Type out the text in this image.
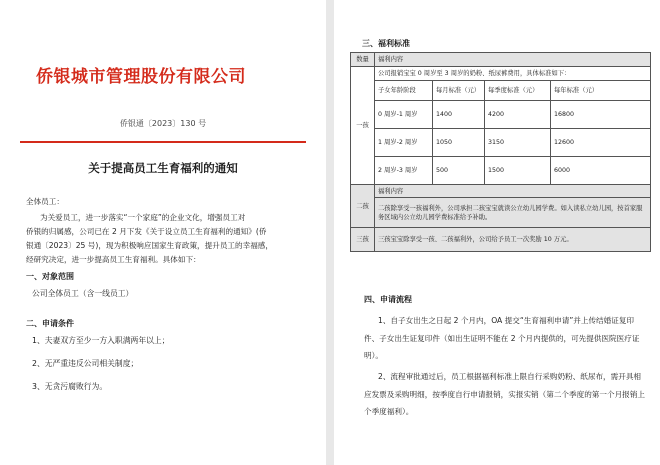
侨银城市管理股份有限公司
侨银通〔2023〕130 号
关于提高员工生育福利的通知
全体员工：
为关爱员工，进一步落实“一个家庭”的企业文化，增强员工对
侨银的归属感，公司已在 2 月下发《关于设立员工生育福利的通知》(侨
银通〔2023〕25 号)，现为积极响应国家生育政策，提升员工的幸福感，
经研究决定，进一步提高员工生育福利。具体如下：
一、对象范围
公司全体员工（含一线员工）
二、申请条件
1、夫妻双方至少一方入职满两年以上；
2、无严重违反公司相关制度；
3、无贪污腐败行为。
三、福利标准
数量	福利内容			
一孩	公司报销宝宝 0 周岁至 3 周岁的奶粉、纸尿裤费用，具体标准如下：			
	子女年龄阶段	每月标准（元）	每季度标准（元）	每年标准（元）
	0 周岁-1 周岁	1400	4200	16800
	1 周岁-2 周岁	1050	3150	12600
	2 周岁-3 周岁	500	1500	6000
二孩	福利内容			
	二孩除享受一孩福利外，公司承担二孩宝宝就读公立幼儿园学费。如入读私立幼儿园，按首家服务区域内公立幼儿园学费标准给予补助。			
三孩	三孩宝宝除享受一孩、二孩福利外，公司给予员工一次奖励 10 万元。			
四、申请流程
1、自子女出生之日起 2 个月内，OA 提交“生育福利申请”并上传结婚证复印件、子女出生证复印件（如出生证明不能在 2 个月内提供的，可先提供医院医疗证明）。
2、流程审批通过后，员工根据福利标准上限自行采购奶粉、纸尿布，需开具相应发票及采购明细，按季度自行申请报销，实报实销（第二个季度的第一个月报销上个季度福利）。
